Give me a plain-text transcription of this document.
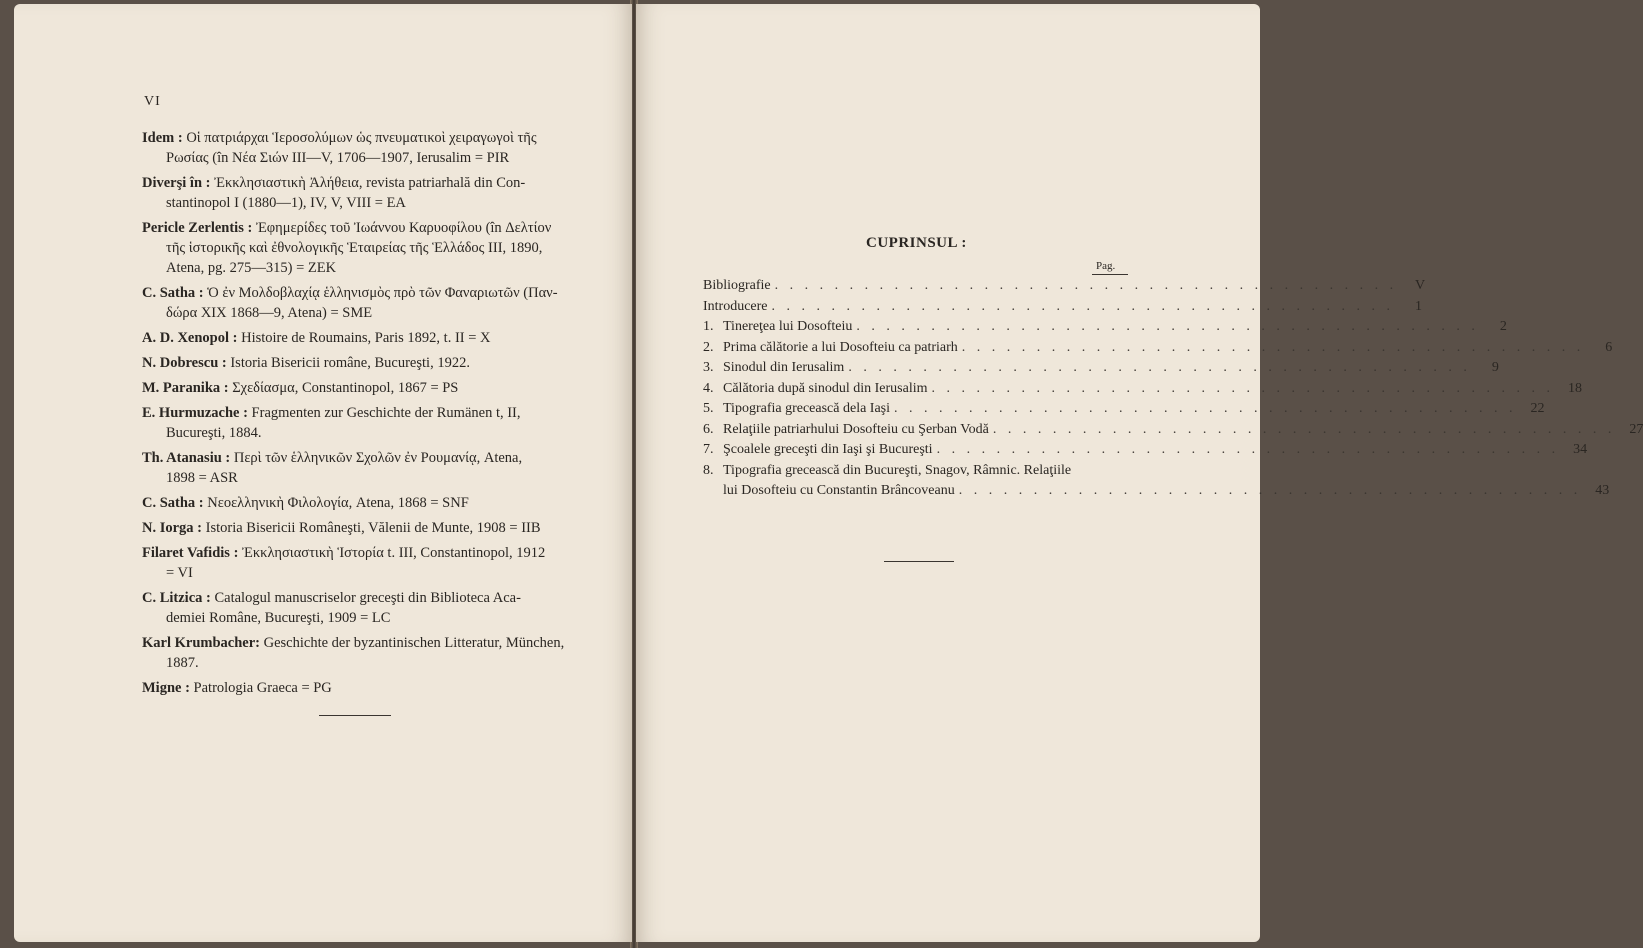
VI
Idem : Οἱ πατριάρχαι Ἱεροσολύμων ὡς πνευματικοὶ χειραγωγοὶ τῆς
Ρωσίας (în Νέα Σιών III—V, 1706—1907, Ierusalim = PIR
Diverşi în : Ἐκκλησιαστικὴ Ἀλήθεια, revista patriarhală din Con-
stantinopol I (1880—1), IV, V, VIII = EA
Pericle Zerlentis : Ἐφημερίδες τοῦ Ἰωάννου Καρυοφίλου (în Δελτίον
τῆς ἱστορικῆς καὶ ἐθνολογικῆς Ἑταιρείας τῆς Ἑλλάδος III, 1890,
Atena, pg. 275—315) = ZEK
C. Satha : Ὁ ἐν Μολδοβλαχίᾳ ἑλληνισμὸς πρὸ τῶν Φαναριωτῶν (Παν-
δώρα XIX 1868—9, Atena) = SME
A. D. Xenopol : Histoire de Roumains, Paris 1892, t. II = X
N. Dobrescu : Istoria Bisericii române, Bucureşti, 1922.
M. Paranika : Σχεδίασμα, Constantinopol, 1867 = PS
E. Hurmuzache : Fragmenten zur Geschichte der Rumänen t, II,
Bucureşti, 1884.
Th. Atanasiu : Περὶ τῶν ἑλληνικῶν Σχολῶν ἐν Ρουμανίᾳ, Atena,
1898 = ASR
C. Satha : Νεοελληνικὴ Φιλολογία, Atena, 1868 = SNF
N. Iorga : Istoria Bisericii Româneşti, Vălenii de Munte, 1908 = IIB
Filaret Vafidis : Ἐκκλησιαστικὴ Ἱστορία t. III, Constantinopol, 1912
= VI
C. Litzica : Catalogul manuscriselor greceşti din Biblioteca Aca-
demiei Române, Bucureşti, 1909 = LC
Karl Krumbacher: Geschichte der byzantinischen Litteratur, München,
1887.
Migne : Patrologia Graeca = PG
CUPRINSUL :
Pag.
Bibliografie . . . . . . . . . . . . . . . . . . . . . . . . . . . . . . . . . . . . . . . . . .	V
Introducere . . . . . . . . . . . . . . . . . . . . . . . . . . . . . . . . . . . . . . . . . .	1
1. Tinereţea lui Dosofteiu . . . . . . . . . . . . . . . . . . . . . . . . . . . . . . . . . . . . . . . . . .	2
2. Prima călătorie a lui Dosofteiu ca patriarh . . . . . . . . . . . . . . . . . . . . . . . . . . . . . . . . . . . . . . . . . .	6
3. Sinodul din Ierusalim . . . . . . . . . . . . . . . . . . . . . . . . . . . . . . . . . . . . . . . . . .	9
4. Călătoria după sinodul din Ierusalim . . . . . . . . . . . . . . . . . . . . . . . . . . . . . . . . . . . . . . . . . .	18
5. Tipografia grecească dela Iaşi . . . . . . . . . . . . . . . . . . . . . . . . . . . . . . . . . . . . . . . . . .	22
6. Relaţiile patriarhului Dosofteiu cu Şerban Vodă . . . . . . . . . . . . . . . . . . . . . . . . . . . . . . . . . . . . . . . . . .	27
7. Şcoalele greceşti din Iaşi şi Bucureşti . . . . . . . . . . . . . . . . . . . . . . . . . . . . . . . . . . . . . . . . . .	34
8. Tipografia grecească din Bucureşti, Snagov, Râmnic. Relaţiile
lui Dosofteiu cu Constantin Brâncoveanu . . . . . . . . . . . . . . . . . . . . . . . . . . . . . . . . . . . . . . . . . .	43
